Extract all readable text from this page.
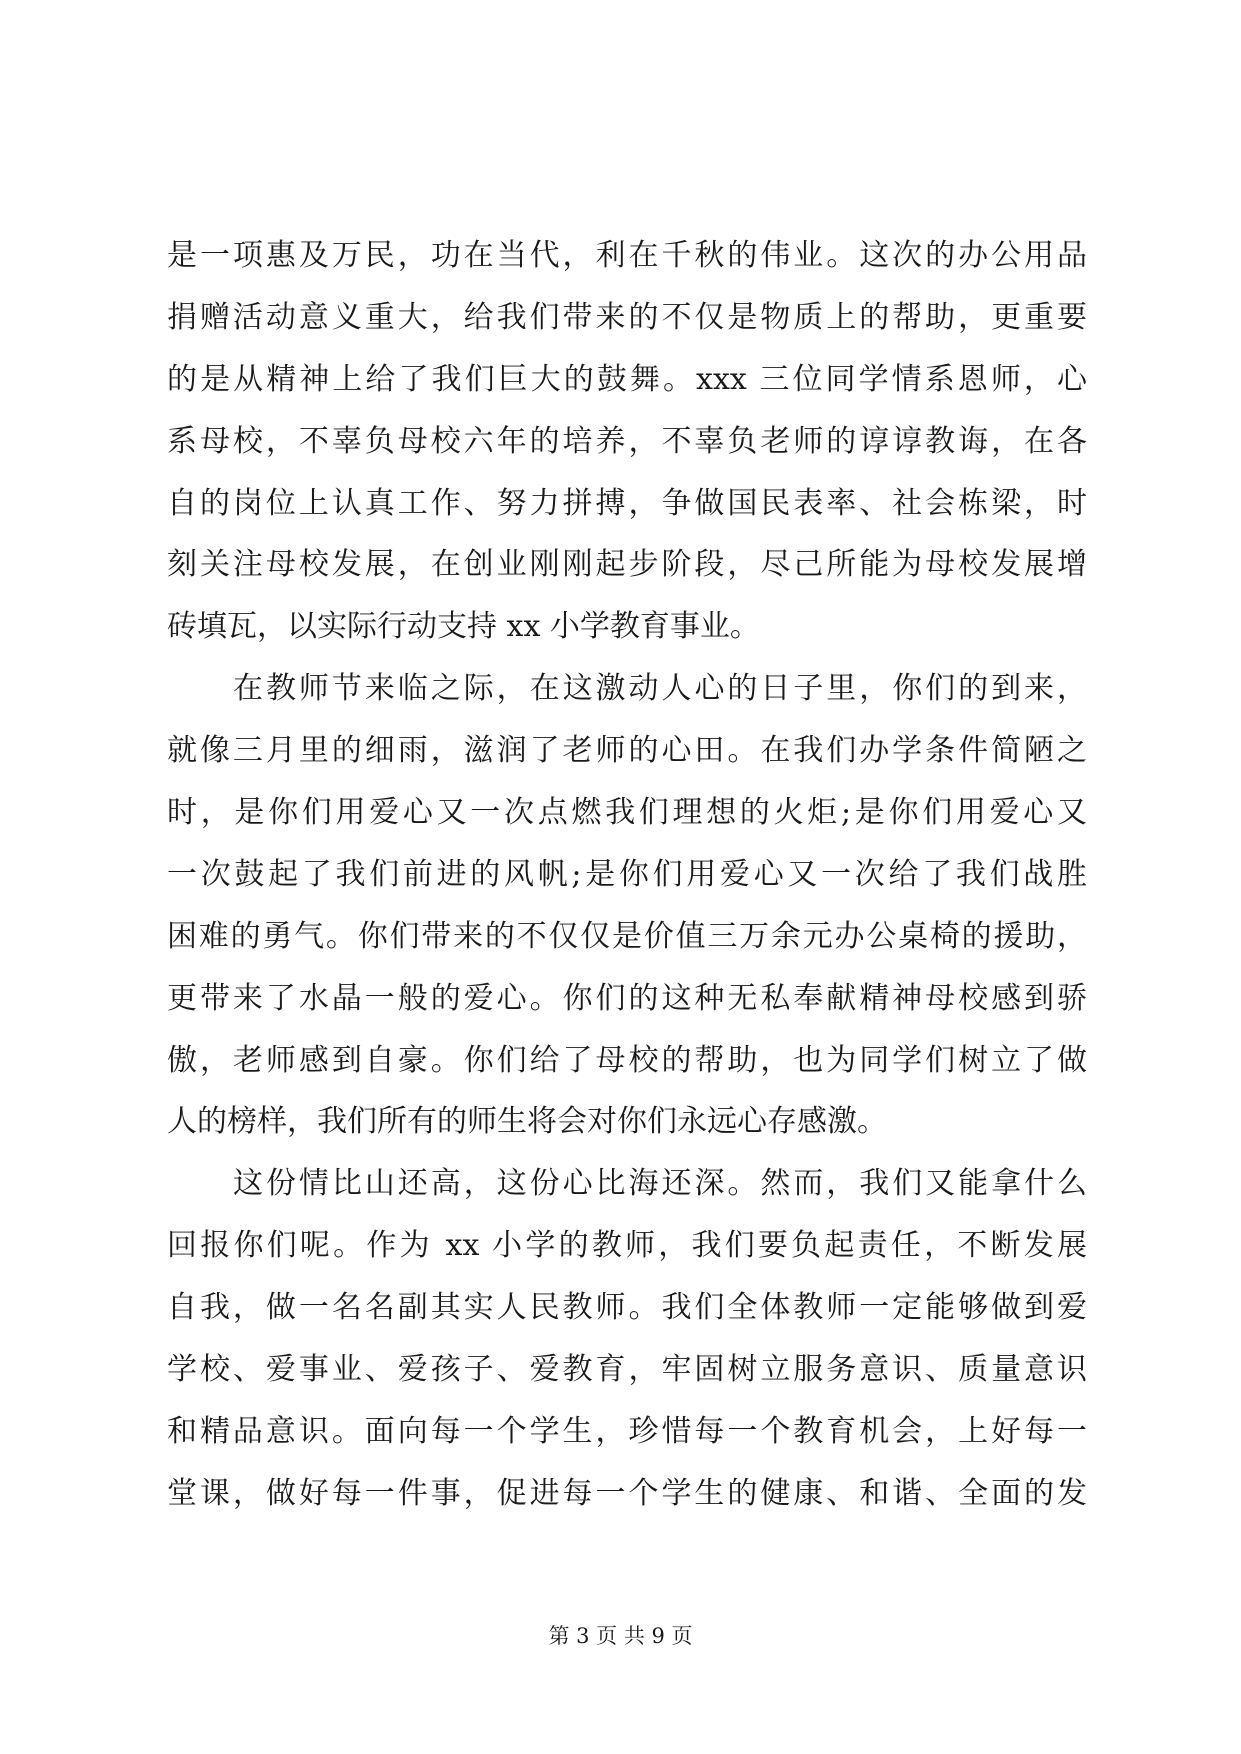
是一项惠及万民，功在当代，利在千秋的伟业。这次的办公用品
捐赠活动意义重大，给我们带来的不仅是物质上的帮助，更重要
的是从精神上给了我们巨大的鼓舞。xxx 三位同学情系恩师，心
系母校，不辜负母校六年的培养，不辜负老师的谆谆教诲，在各
自的岗位上认真工作、努力拼搏，争做国民表率、社会栋梁，时
刻关注母校发展，在创业刚刚起步阶段，尽己所能为母校发展增
砖填瓦，以实际行动支持 xx 小学教育事业。
在教师节来临之际，在这激动人心的日子里，你们的到来，
就像三月里的细雨，滋润了老师的心田。在我们办学条件简陋之
时，是你们用爱心又一次点燃我们理想的火炬;是你们用爱心又
一次鼓起了我们前进的风帆;是你们用爱心又一次给了我们战胜
困难的勇气。你们带来的不仅仅是价值三万余元办公桌椅的援助，
更带来了水晶一般的爱心。你们的这种无私奉献精神母校感到骄
傲，老师感到自豪。你们给了母校的帮助，也为同学们树立了做
人的榜样，我们所有的师生将会对你们永远心存感激。
这份情比山还高，这份心比海还深。然而，我们又能拿什么
回报你们呢。作为 xx 小学的教师，我们要负起责任，不断发展
自我，做一名名副其实人民教师。我们全体教师一定能够做到爱
学校、爱事业、爱孩子、爱教育，牢固树立服务意识、质量意识
和精品意识。面向每一个学生，珍惜每一个教育机会，上好每一
堂课，做好每一件事，促进每一个学生的健康、和谐、全面的发
第 3 页 共 9 页
